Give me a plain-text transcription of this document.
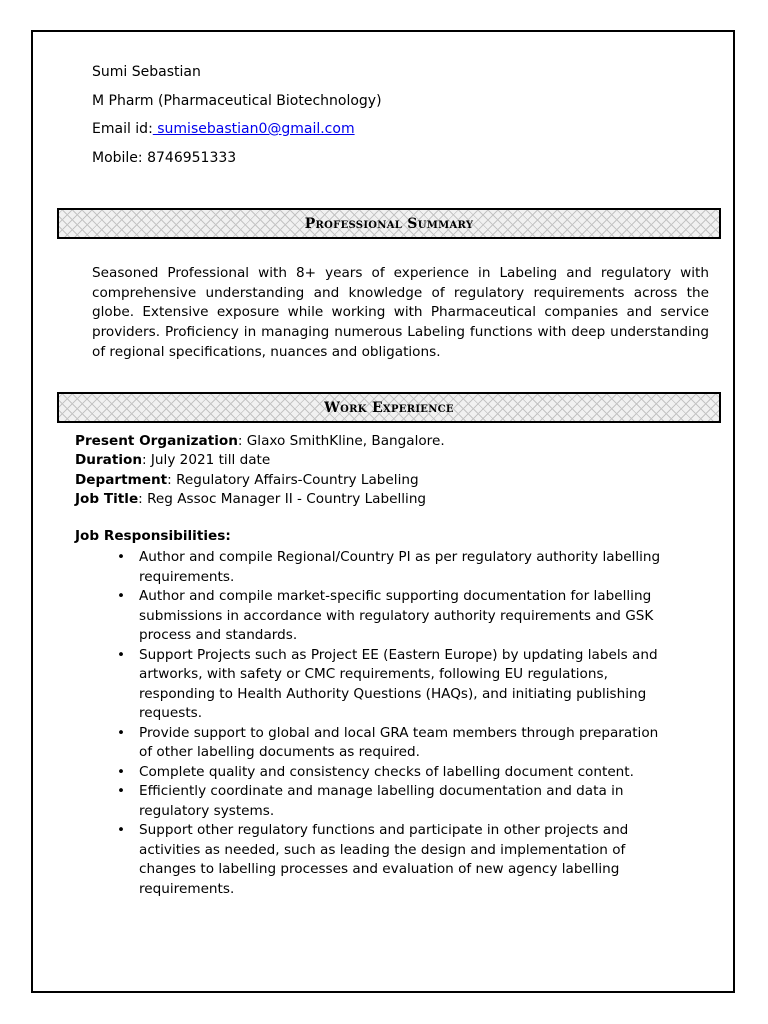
Sumi Sebastian
M Pharm (Pharmaceutical Biotechnology)
Email id: sumisebastian0@gmail.com
Mobile: 8746951333
Professional Summary
Seasoned Professional with 8+ years of experience in Labeling and regulatory with comprehensive understanding and knowledge of regulatory requirements across the globe. Extensive exposure while working with Pharmaceutical companies and service providers. Proficiency in managing numerous Labeling functions with deep understanding of regional specifications, nuances and obligations.
Work Experience
Present Organization: Glaxo SmithKline, Bangalore.
Duration: July 2021 till date
Department: Regulatory Affairs-Country Labeling
Job Title: Reg Assoc Manager II - Country Labelling
Job Responsibilities:
• Author and compile Regional/Country PI as per regulatory authority labelling requirements.
• Author and compile market-specific supporting documentation for labelling submissions in accordance with regulatory authority requirements and GSK process and standards.
• Support Projects such as Project EE (Eastern Europe) by updating labels and artworks, with safety or CMC requirements, following EU regulations, responding to Health Authority Questions (HAQs), and initiating publishing requests.
• Provide support to global and local GRA team members through preparation of other labelling documents as required.
• Complete quality and consistency checks of labelling document content.
• Efficiently coordinate and manage labelling documentation and data in regulatory systems.
• Support other regulatory functions and participate in other projects and activities as needed, such as leading the design and implementation of changes to labelling processes and evaluation of new agency labelling requirements.
